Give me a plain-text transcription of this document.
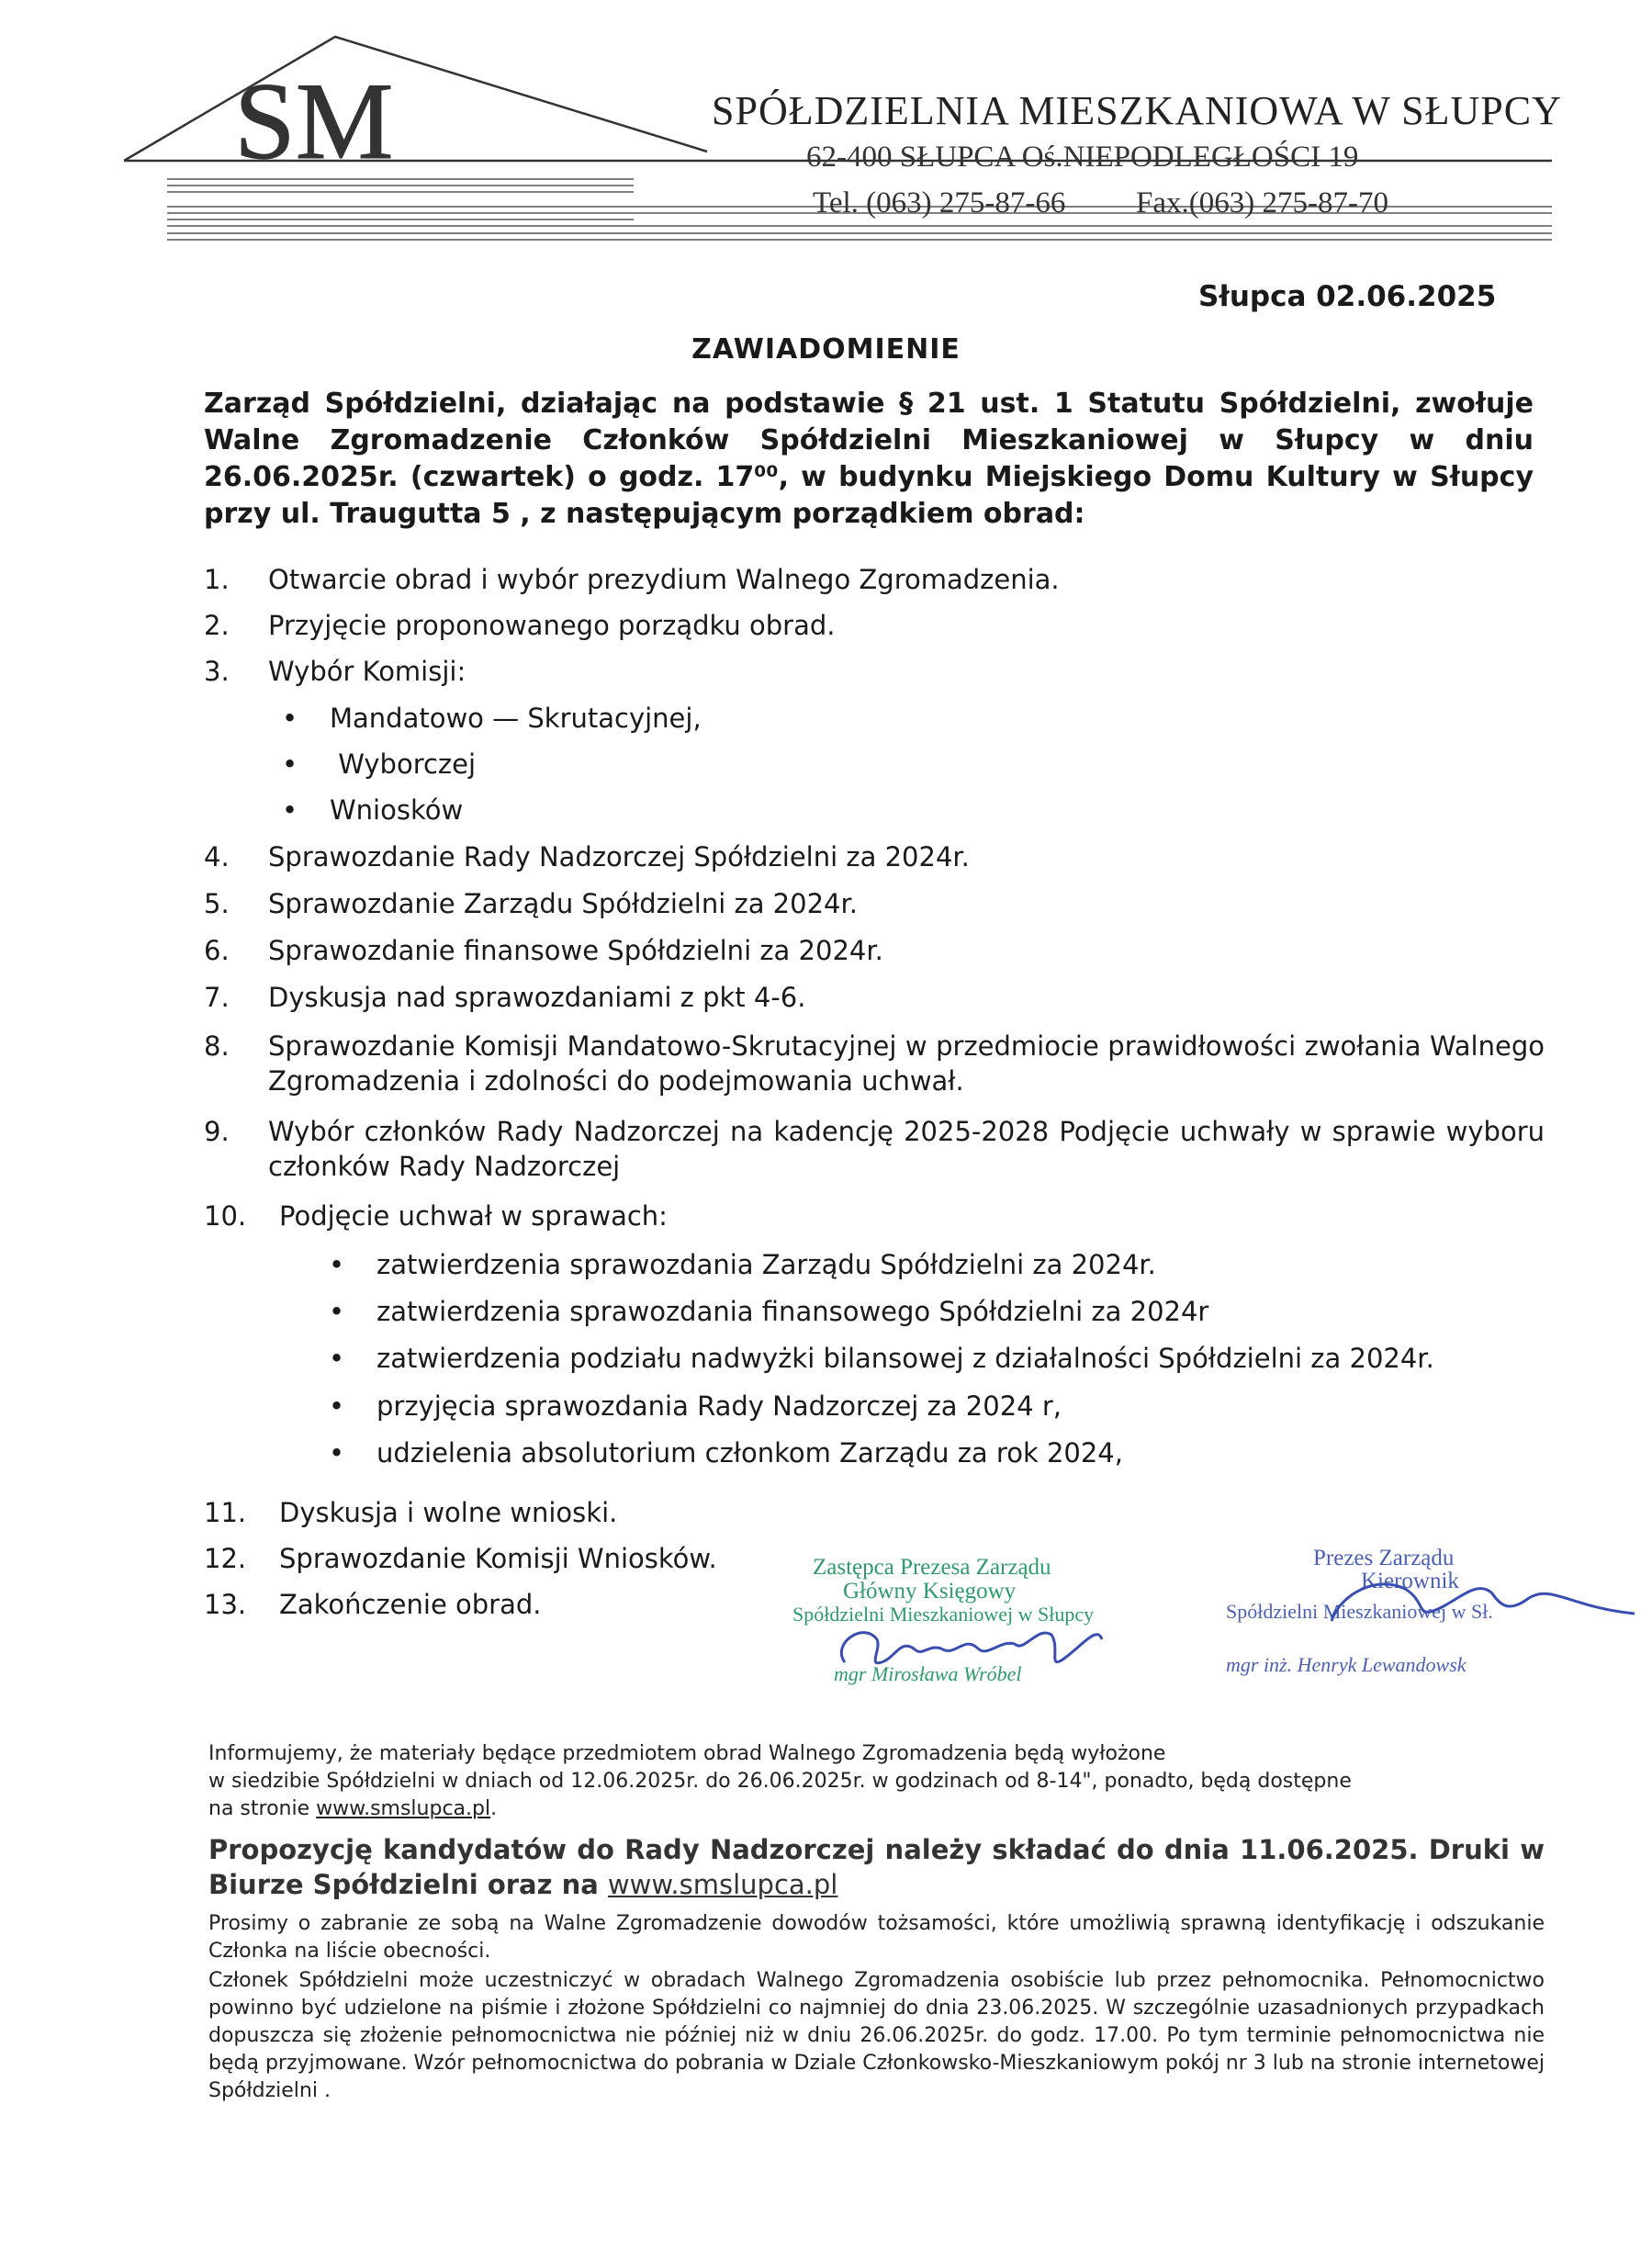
SM	SPÓŁDZIELNIA MIESZKANIOWA W SŁUPCY
62-400 SŁUPCA Oś.NIEPODLEGŁOŚCI 19
Tel. (063) 275-87-66 Fax.(063) 275-87-70
Słupca 02.06.2025
ZAWIADOMIENIE
Zarząd Spółdzielni, działając na podstawie § 21 ust. 1 Statutu Spółdzielni, zwołuje Walne Zgromadzenie Członków Spółdzielni Mieszkaniowej w Słupcy w dniu 26.06.2025r. (czwartek) o godz. 17⁰⁰, w budynku Miejskiego Domu Kultury w Słupcy przy ul. Traugutta 5 , z następującym porządkiem obrad:
1. Otwarcie obrad i wybór prezydium Walnego Zgromadzenia.
2. Przyjęcie proponowanego porządku obrad.
3. Wybór Komisji:
4. Sprawozdanie Rady Nadzorczej Spółdzielni za 2024r.
5. Sprawozdanie Zarządu Spółdzielni za 2024r.
6. Sprawozdanie finansowe Spółdzielni za 2024r.
7. Dyskusja nad sprawozdaniami z pkt 4-6.
8. Sprawozdanie Komisji Mandatowo-Skrutacyjnej w przedmiocie prawidłowości zwołania Walnego Zgromadzenia i zdolności do podejmowania uchwał.
9. Wybór członków Rady Nadzorczej na kadencję 2025-2028 Podjęcie uchwały w sprawie wyboru członków Rady Nadzorczej
10. Podjęcie uchwał w sprawach:
11. Dyskusja i wolne wnioski.
12. Sprawozdanie Komisji Wniosków.
13. Zakończenie obrad.
• Mandatowo — Skrutacyjnej,
• Wyborczej
• Wniosków
• zatwierdzenia sprawozdania Zarządu Spółdzielni za 2024r.
• zatwierdzenia sprawozdania finansowego Spółdzielni za 2024r
• zatwierdzenia podziału nadwyżki bilansowej z działalności Spółdzielni za 2024r.
• przyjęcia sprawozdania Rady Nadzorczej za 2024 r,
• udzielenia absolutorium członkom Zarządu za rok 2024,
Zastępca Prezesa Zarządu
Główny Księgowy
Spółdzielni Mieszkaniowej w Słupcy
mgr Mirosława Wróbel
Prezes Zarządu
Kierownik
Spółdzielni Mieszkaniowej w Sł.
mgr inż. Henryk Lewandowsk
Informujemy, że materiały będące przedmiotem obrad Walnego Zgromadzenia będą wyłożone
w siedzibie Spółdzielni w dniach od 12.06.2025r. do 26.06.2025r. w godzinach od 8-14", ponadto, będą dostępne
na stronie www.smslupca.pl.
Propozycję kandydatów do Rady Nadzorczej należy składać do dnia 11.06.2025. Druki w Biurze Spółdzielni oraz na www.smslupca.pl
Prosimy o zabranie ze sobą na Walne Zgromadzenie dowodów tożsamości, które umożliwią sprawną identyfikację i odszukanie Członka na liście obecności.
Członek Spółdzielni może uczestniczyć w obradach Walnego Zgromadzenia osobiście lub przez pełnomocnika. Pełnomocnictwo powinno być udzielone na piśmie i złożone Spółdzielni co najmniej do dnia 23.06.2025. W szczególnie uzasadnionych przypadkach dopuszcza się złożenie pełnomocnictwa nie później niż w dniu 26.06.2025r. do godz. 17.00. Po tym terminie pełnomocnictwa nie będą przyjmowane. Wzór pełnomocnictwa do pobrania w Dziale Członkowsko-Mieszkaniowym pokój nr 3 lub na stronie internetowej Spółdzielni .
